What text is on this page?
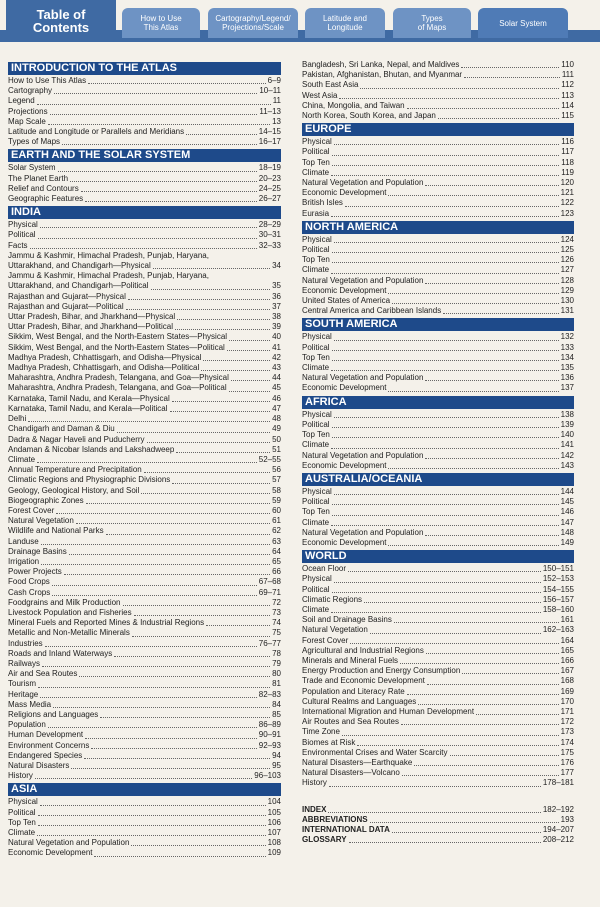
How to Use
This Atlas
Cartography/Legend/
Projections/Scale
Latitude and
Longitude
Types
of Maps	Solar System
Table of
Contents
INTRODUCTION TO THE ATLAS
How to Use This Atlas	6–9
Cartography	10–11
Legend	11
Projections	11–13
Map Scale	13
Latitude and Longitude or Parallels and Meridians	14–15
Types of Maps	16–17
EARTH AND THE SOLAR SYSTEM
Solar System	18–19
The Planet Earth	20–23
Relief and Contours	24–25
Geographic Features	26–27
INDIA
Physical	28–29
Political	30–31
Facts	32–33
Jammu & Kashmir, Himachal Pradesh, Punjab, Haryana,
Uttarakhand, and Chandigarh—Physical	34
Jammu & Kashmir, Himachal Pradesh, Punjab, Haryana,
Uttarakhand, and Chandigarh—Political	35
Rajasthan and Gujarat—Physical	36
Rajasthan and Gujarat—Political	37
Uttar Pradesh, Bihar, and Jharkhand—Physical	38
Uttar Pradesh, Bihar, and Jharkhand—Political	39
Sikkim, West Bengal, and the North-Eastern States—Physical	40
Sikkim, West Bengal, and the North-Eastern States—Political	41
Madhya Pradesh, Chhattisgarh, and Odisha—Physical	42
Madhya Pradesh, Chhattisgarh, and Odisha—Political	43
Maharashtra, Andhra Pradesh, Telangana, and Goa—Physical	44
Maharashtra, Andhra Pradesh, Telangana, and Goa—Political	45
Karnataka, Tamil Nadu, and Kerala—Physical	46
Karnataka, Tamil Nadu, and Kerala—Political	47
Delhi	48
Chandigarh and Daman & Diu	49
Dadra & Nagar Haveli and Puducherry	50
Andaman & Nicobar Islands and Lakshadweep	51
Climate	52–55
Annual Temperature and Precipitation	56
Climatic Regions and Physiographic Divisions	57
Geology, Geological History, and Soil	58
Biogeographic Zones	59
Forest Cover	60
Natural Vegetation	61
Wildlife and National Parks	62
Landuse	63
Drainage Basins	64
Irrigation	65
Power Projects	66
Food Crops	67–68
Cash Crops	69–71
Foodgrains and Milk Production	72
Livestock Population and Fisheries	73
Mineral Fuels and Reported Mines & Industrial Regions	74
Metallic and Non-Metallic Minerals	75
Industries	76–77
Roads and Inland Waterways	78
Railways	79
Air and Sea Routes	80
Tourism	81
Heritage	82–83
Mass Media	84
Religions and Languages	85
Population	86–89
Human Development	90–91
Environment Concerns	92–93
Endangered Species	94
Natural Disasters	95
History	96–103
ASIA
Physical	104
Political	105
Top Ten	106
Climate	107
Natural Vegetation and Population	108
Economic Development	109
Bangladesh, Sri Lanka, Nepal, and Maldives	110
Pakistan, Afghanistan, Bhutan, and Myanmar	111
South East Asia	112
West Asia	113
China, Mongolia, and Taiwan	114
North Korea, South Korea, and Japan	115
EUROPE
Physical	116
Political	117
Top Ten	118
Climate	119
Natural Vegetation and Population	120
Economic Development	121
British Isles	122
Eurasia	123
NORTH AMERICA
Physical	124
Political	125
Top Ten	126
Climate	127
Natural Vegetation and Population	128
Economic Development	129
United States of America	130
Central America and Caribbean Islands	131
SOUTH AMERICA
Physical	132
Political	133
Top Ten	134
Climate	135
Natural Vegetation and Population	136
Economic Development	137
AFRICA
Physical	138
Political	139
Top Ten	140
Climate	141
Natural Vegetation and Population	142
Economic Development	143
AUSTRALIA/OCEANIA
Physical	144
Political	145
Top Ten	146
Climate	147
Natural Vegetation and Population	148
Economic Development	149
WORLD
Ocean Floor	150–151
Physical	152–153
Political	154–155
Climatic Regions	156–157
Climate	158–160
Soil and Drainage Basins	161
Natural Vegetation	162–163
Forest Cover	164
Agricultural and Industrial Regions	165
Minerals and Mineral Fuels	166
Energy Production and Energy Consumption	167
Trade and Economic Development	168
Population and Literacy Rate	169
Cultural Realms and Languages	170
International Migration and Human Development	171
Air Routes and Sea Routes	172
Time Zone	173
Biomes at Risk	174
Environmental Crises and Water Scarcity	175
Natural Disasters—Earthquake	176
Natural Disasters—Volcano	177
History	178–181
INDEX	182–192
ABBREVIATIONS	193
INTERNATIONAL DATA	194–207
GLOSSARY	208–212
